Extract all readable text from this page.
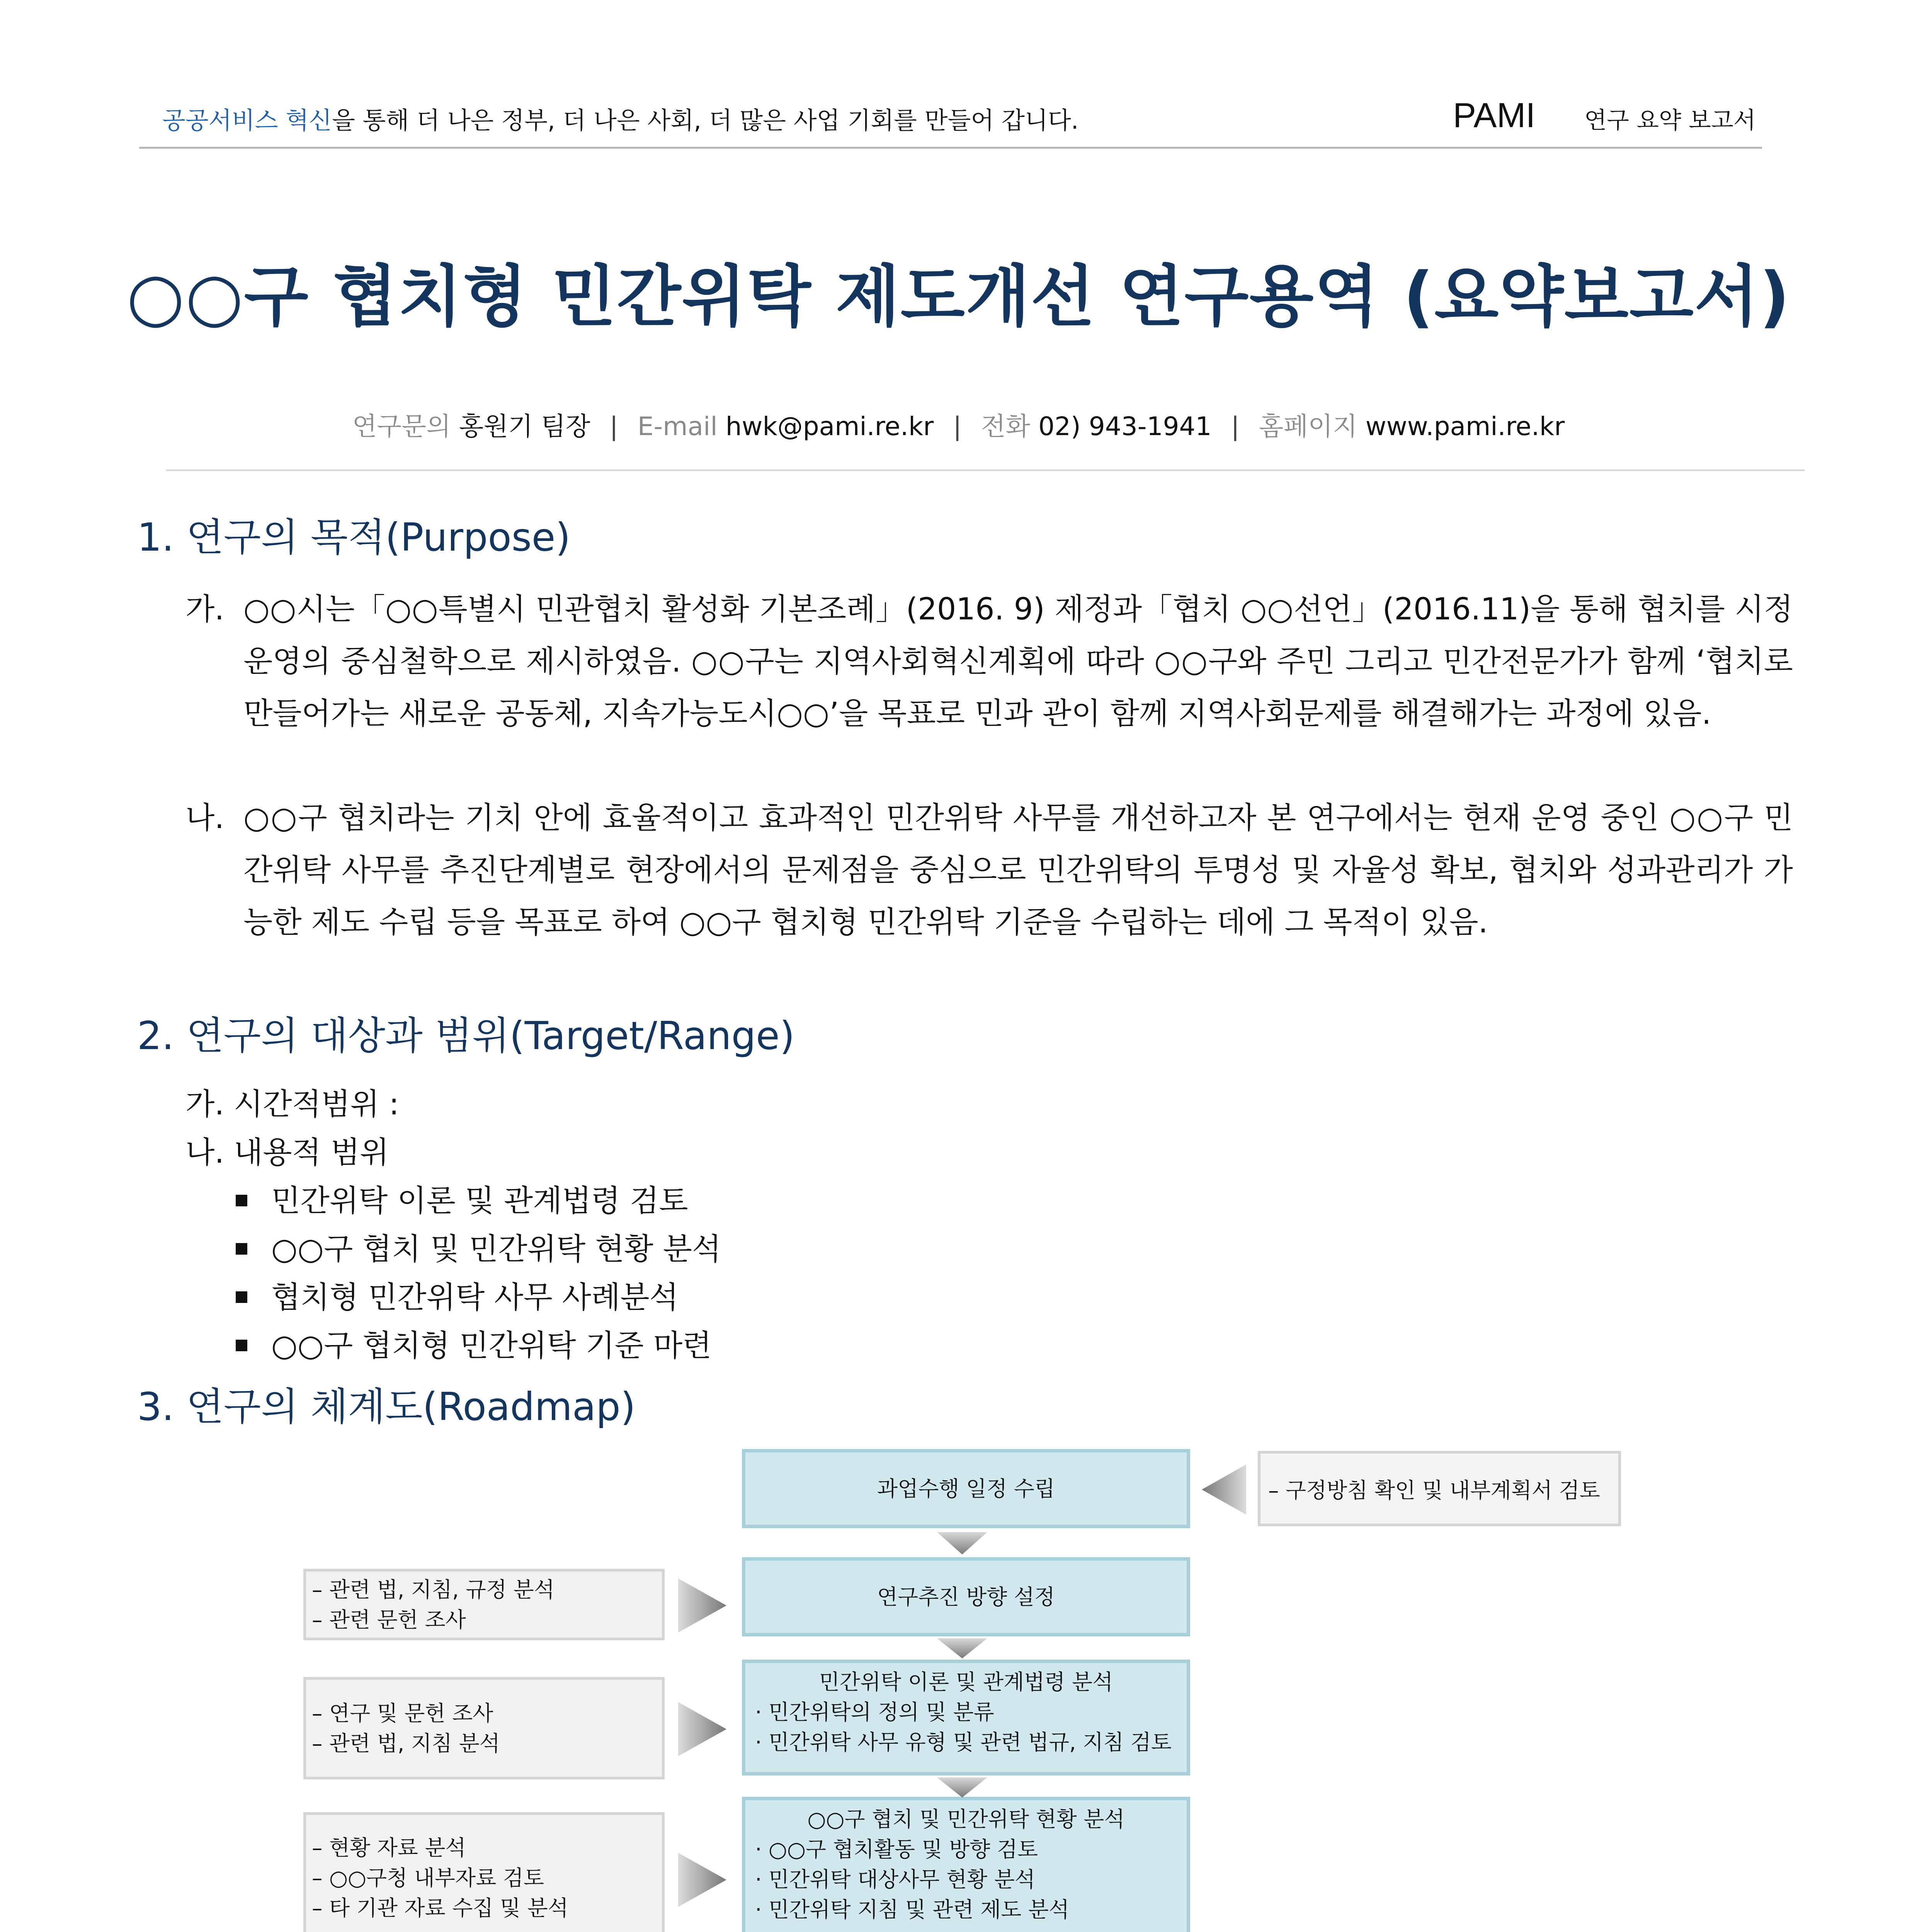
공공서비스 혁신을 통해 더 나은 정부, 더 나은 사회, 더 많은 사업 기회를 만들어 갑니다.	PAMI 연구 요약 보고서
○○구 협치형 민간위탁 제도개선 연구용역 (요약보고서)
연구문의 홍원기 팀장 | E-mail hwk@pami.re.kr | 전화 02) 943-1941 | 홈페이지 www.pami.re.kr
1. 연구의 목적(Purpose)
가. ○○시는「○○특별시 민관협치 활성화 기본조례」(2016. 9) 제정과「협치 ○○선언」(2016.11)을 통해 협치를 시정운영의 중심철학으로 제시하였음. ○○구는 지역사회혁신계획에 따라 ○○구와 주민 그리고 민간전문가가 함께 ‘협치로 만들어가는 새로운 공동체, 지속가능도시○○’을 목표로 민과 관이 함께 지역사회문제를 해결해가는 과정에 있음.
나. ○○구 협치라는 기치 안에 효율적이고 효과적인 민간위탁 사무를 개선하고자 본 연구에서는 현재 운영 중인 ○○구 민간위탁 사무를 추진단계별로 현장에서의 문제점을 중심으로 민간위탁의 투명성 및 자율성 확보, 협치와 성과관리가 가능한 제도 수립 등을 목표로 하여 ○○구 협치형 민간위탁 기준을 수립하는 데에 그 목적이 있음.
2. 연구의 대상과 범위(Target/Range)
가. 시간적범위 :
나. 내용적 범위
민간위탁 이론 및 관계법령 검토
○○구 협치 및 민간위탁 현황 분석
협치형 민간위탁 사무 사례분석
○○구 협치형 민간위탁 기준 마련
3. 연구의 체계도(Roadmap)
과업수행 일정 수립
연구추진 방향 설정
민간위탁 이론 및 관계법령 분석
· 민간위탁의 정의 및 분류
· 민간위탁 사무 유형 및 관련 법규, 지침 검토
○○구 협치 및 민간위탁 현황 분석
· ○○구 협치활동 및 방향 검토
· 민간위탁 대상사무 현황 분석
· 민간위탁 지침 및 관련 제도 분석
– 구정방침 확인 및 내부계획서 검토
– 관련 법, 지침, 규정 분석
– 관련 문헌 조사
– 연구 및 문헌 조사
– 관련 법, 지침 분석
– 현황 자료 분석
– ○○구청 내부자료 검토
– 타 기관 자료 수집 및 분석
